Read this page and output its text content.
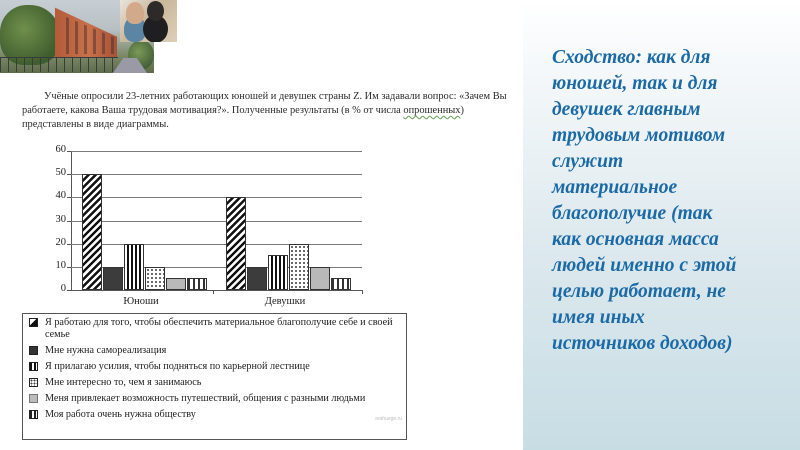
Учёные опросили 23-летних работающих юношей и девушек страны Z. Им задавали вопрос: «Зачем Вы работаете, какова Ваша трудовая мотивация?». Полученные результаты (в % от числа опрошенных) представлены в виде диаграммы.
0
10
20
30
40
50
60
Юноши	Девушки
Я работаю для того, чтобы обеспечить материальное благополучие себе и своей семье
Мне нужна самореализация
Я прилагаю усилия, чтобы подняться по карьерной лестнице
Мне интересно то, чем я занимаюсь
Меня привлекает возможность путешествий, общения с разными людьми
Моя работа очень нужна обществу	reshuege.ru
Сходство: как для
юношей, так и для
девушек главным
трудовым мотивом
служит
материальное
благополучие (так
как основная масса
людей именно с этой
целью работает, не
имея иных
источников доходов)
